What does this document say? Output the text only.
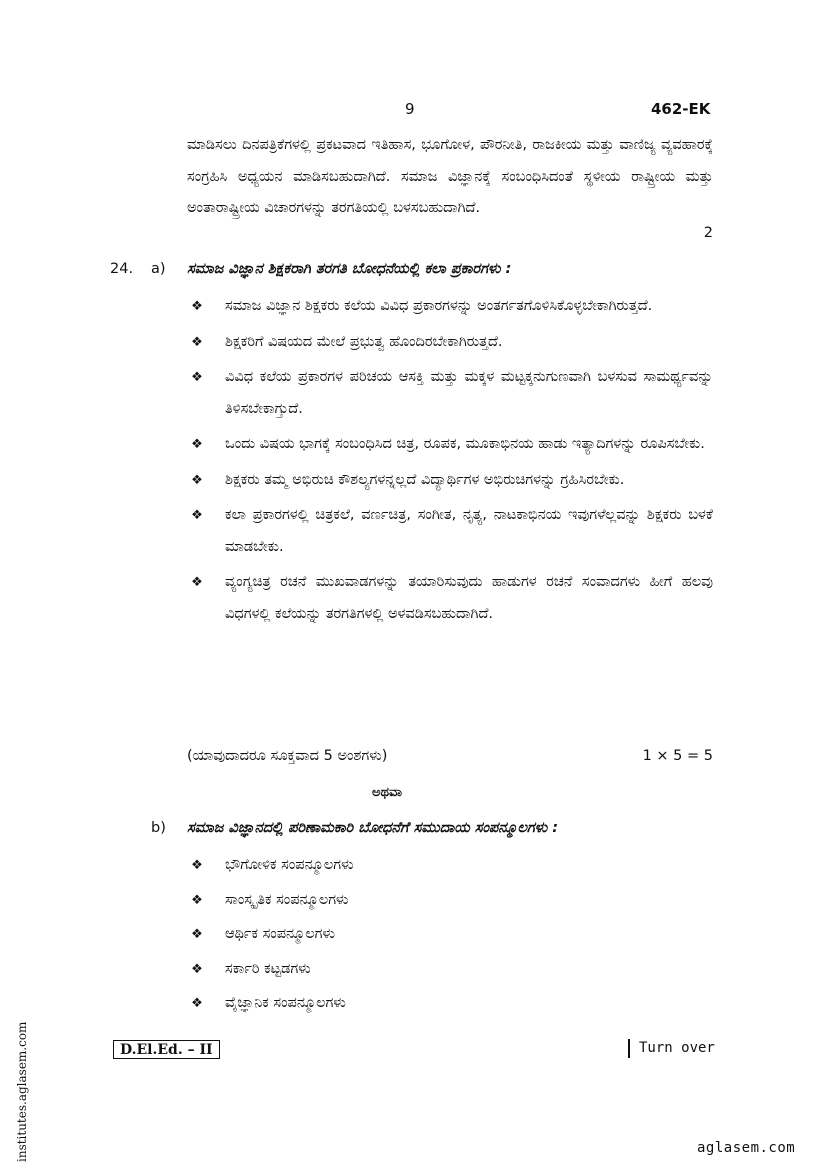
9	462-EK
ಮಾಡಿಸಲು ದಿನಪತ್ರಿಕೆಗಳಲ್ಲಿ ಪ್ರಕಟವಾದ ಇತಿಹಾಸ, ಭೂಗೋಳ, ಪೌರನೀತಿ, ರಾಜಕೀಯ ಮತ್ತು ವಾಣಿಜ್ಯ ವ್ಯವಹಾರಕ್ಕೆ ಸಂಗ್ರಹಿಸಿ ಅಧ್ಯಯನ ಮಾಡಿಸಬಹುದಾಗಿದೆ. ಸಮಾಜ ವಿಜ್ಞಾನಕ್ಕೆ ಸಂಬಂಧಿಸಿದಂತೆ ಸ್ಥಳೀಯ ರಾಷ್ಟ್ರೀಯ ಮತ್ತು ಅಂತಾರಾಷ್ಟ್ರೀಯ ವಿಚಾರಗಳನ್ನು ತರಗತಿಯಲ್ಲಿ ಬಳಸಬಹುದಾಗಿದೆ.
2
24. a) ಸಮಾಜ ವಿಜ್ಞಾನ ಶಿಕ್ಷಕರಾಗಿ ತರಗತಿ ಬೋಧನೆಯಲ್ಲಿ ಕಲಾ ಪ್ರಕಾರಗಳು :
❖ ಸಮಾಜ ವಿಜ್ಞಾನ ಶಿಕ್ಷಕರು ಕಲೆಯ ವಿವಿಧ ಪ್ರಕಾರಗಳನ್ನು ಅಂತರ್ಗತಗೊಳಿಸಿಕೊಳ್ಳಬೇಕಾಗಿರುತ್ತದೆ.
❖ ಶಿಕ್ಷಕರಿಗೆ ವಿಷಯದ ಮೇಲೆ ಪ್ರಭುತ್ವ ಹೊಂದಿರಬೇಕಾಗಿರುತ್ತದೆ.
❖ ವಿವಿಧ ಕಲೆಯ ಪ್ರಕಾರಗಳ ಪರಿಚಯ ಆಸಕ್ತಿ ಮತ್ತು ಮಕ್ಕಳ ಮಟ್ಟಕ್ಕನುಗುಣವಾಗಿ ಬಳಸುವ ಸಾಮರ್ಥ್ಯವನ್ನು ತಿಳಿಸಬೇಕಾಗ್ತುದೆ.
❖ ಒಂದು ವಿಷಯ ಭಾಗಕ್ಕೆ ಸಂಬಂಧಿಸಿದ ಚಿತ್ರ, ರೂಪಕ, ಮೂಕಾಭಿನಯ ಹಾಡು ಇತ್ಯಾದಿಗಳನ್ನು ರೂಪಿಸಬೇಕು.
❖ ಶಿಕ್ಷಕರು ತಮ್ಮ ಅಭಿರುಚಿ ಕೌಶಲ್ಯಗಳನ್ನಲ್ಲದೆ ವಿದ್ಯಾರ್ಥಿಗಳ ಅಭಿರುಚಿಗಳನ್ನು ಗ್ರಹಿಸಿರಬೇಕು.
❖ ಕಲಾ ಪ್ರಕಾರಗಳಲ್ಲಿ ಚಿತ್ರಕಲೆ, ವರ್ಣಚಿತ್ರ, ಸಂಗೀತ, ನೃತ್ಯ, ನಾಟಕಾಭಿನಯ ಇವುಗಳೆಲ್ಲವನ್ನು ಶಿಕ್ಷಕರು ಬಳಕೆ ಮಾಡಬೇಕು.
❖ ವ್ಯಂಗ್ಯಚಿತ್ರ ರಚನೆ ಮುಖವಾಡಗಳನ್ನು ತಯಾರಿಸುವುದು ಹಾಡುಗಳ ರಚನೆ ಸಂವಾದಗಳು ಹೀಗೆ ಹಲವು ವಿಧಗಳಲ್ಲಿ ಕಲೆಯನ್ನು ತರಗತಿಗಳಲ್ಲಿ ಅಳವಡಿಸಬಹುದಾಗಿದೆ.
(ಯಾವುದಾದರೂ ಸೂಕ್ತವಾದ 5 ಅಂಶಗಳು)	1 × 5 = 5
ಅಥವಾ
b) ಸಮಾಜ ವಿಜ್ಞಾನದಲ್ಲಿ ಪರಿಣಾಮಕಾರಿ ಬೋಧನೆಗೆ ಸಮುದಾಯ ಸಂಪನ್ಮೂಲಗಳು :
❖ ಭೌಗೋಳಿಕ ಸಂಪನ್ಮೂಲಗಳು
❖ ಸಾಂಸ್ಕೃತಿಕ ಸಂಪನ್ಮೂಲಗಳು
❖ ಆರ್ಥಿಕ ಸಂಪನ್ಮೂಲಗಳು
❖ ಸರ್ಕಾರಿ ಕಟ್ಟಡಗಳು
❖ ವೈಜ್ಞಾನಿಕ ಸಂಪನ್ಮೂಲಗಳು
D.El.Ed. – II	Turn over
institutes.aglasem.com	aglasem.com
